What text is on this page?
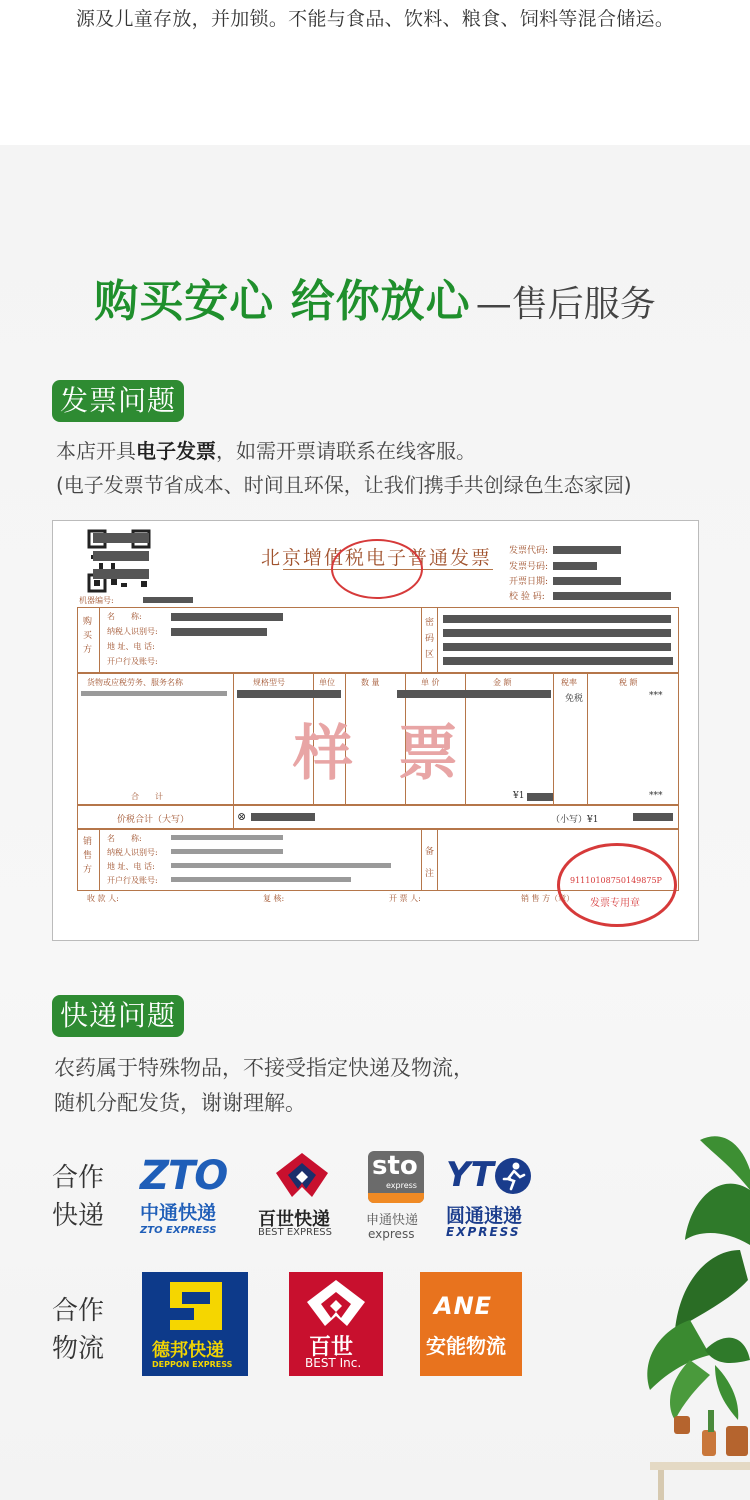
源及儿童存放，并加锁。不能与食品、饮料、粮食、饲料等混合储运。
购买安心 给你放心 —售后服务
发票问题
本店开具电子发票，如需开票请联系在线客服。
(电子发票节省成本、时间且环保，让我们携手共创绿色生态家园)
北京增值税电子普通发票 发票代码:
发票号码:
开票日期:
校 验 码:
机器编号:
购买方
名　　称:
纳税人识别号:
地 址、电 话:
开户行及账号:
密码区
货物或应税劳务、服务名称	规格型号	单位	数 量	单 价	金 额	税率	税 额
免税	***
样 票
合　　计	¥1	***
价税合计（大写）	⊗	（小写）¥1
销售方
名　　称:
纳税人识别号:
地 址、电 话:
开户行及账号:
备注
收 款 人:	复 核:	开 票 人:	销 售 方（章）
91110108750149875P
发票专用章
快递问题
农药属于特殊物品，不接受指定快递及物流，
随机分配发货，谢谢理解。
合作快递
ZTO
中通快递
ZTO EXPRESS
百世快递
BEST EXPRESS
sto
express
申通快递
express
YT
圆通速递
EXPRESS
合作物流	德邦快递
DEPPON EXPRESS
百世
BEST Inc.
ANE
安能物流
